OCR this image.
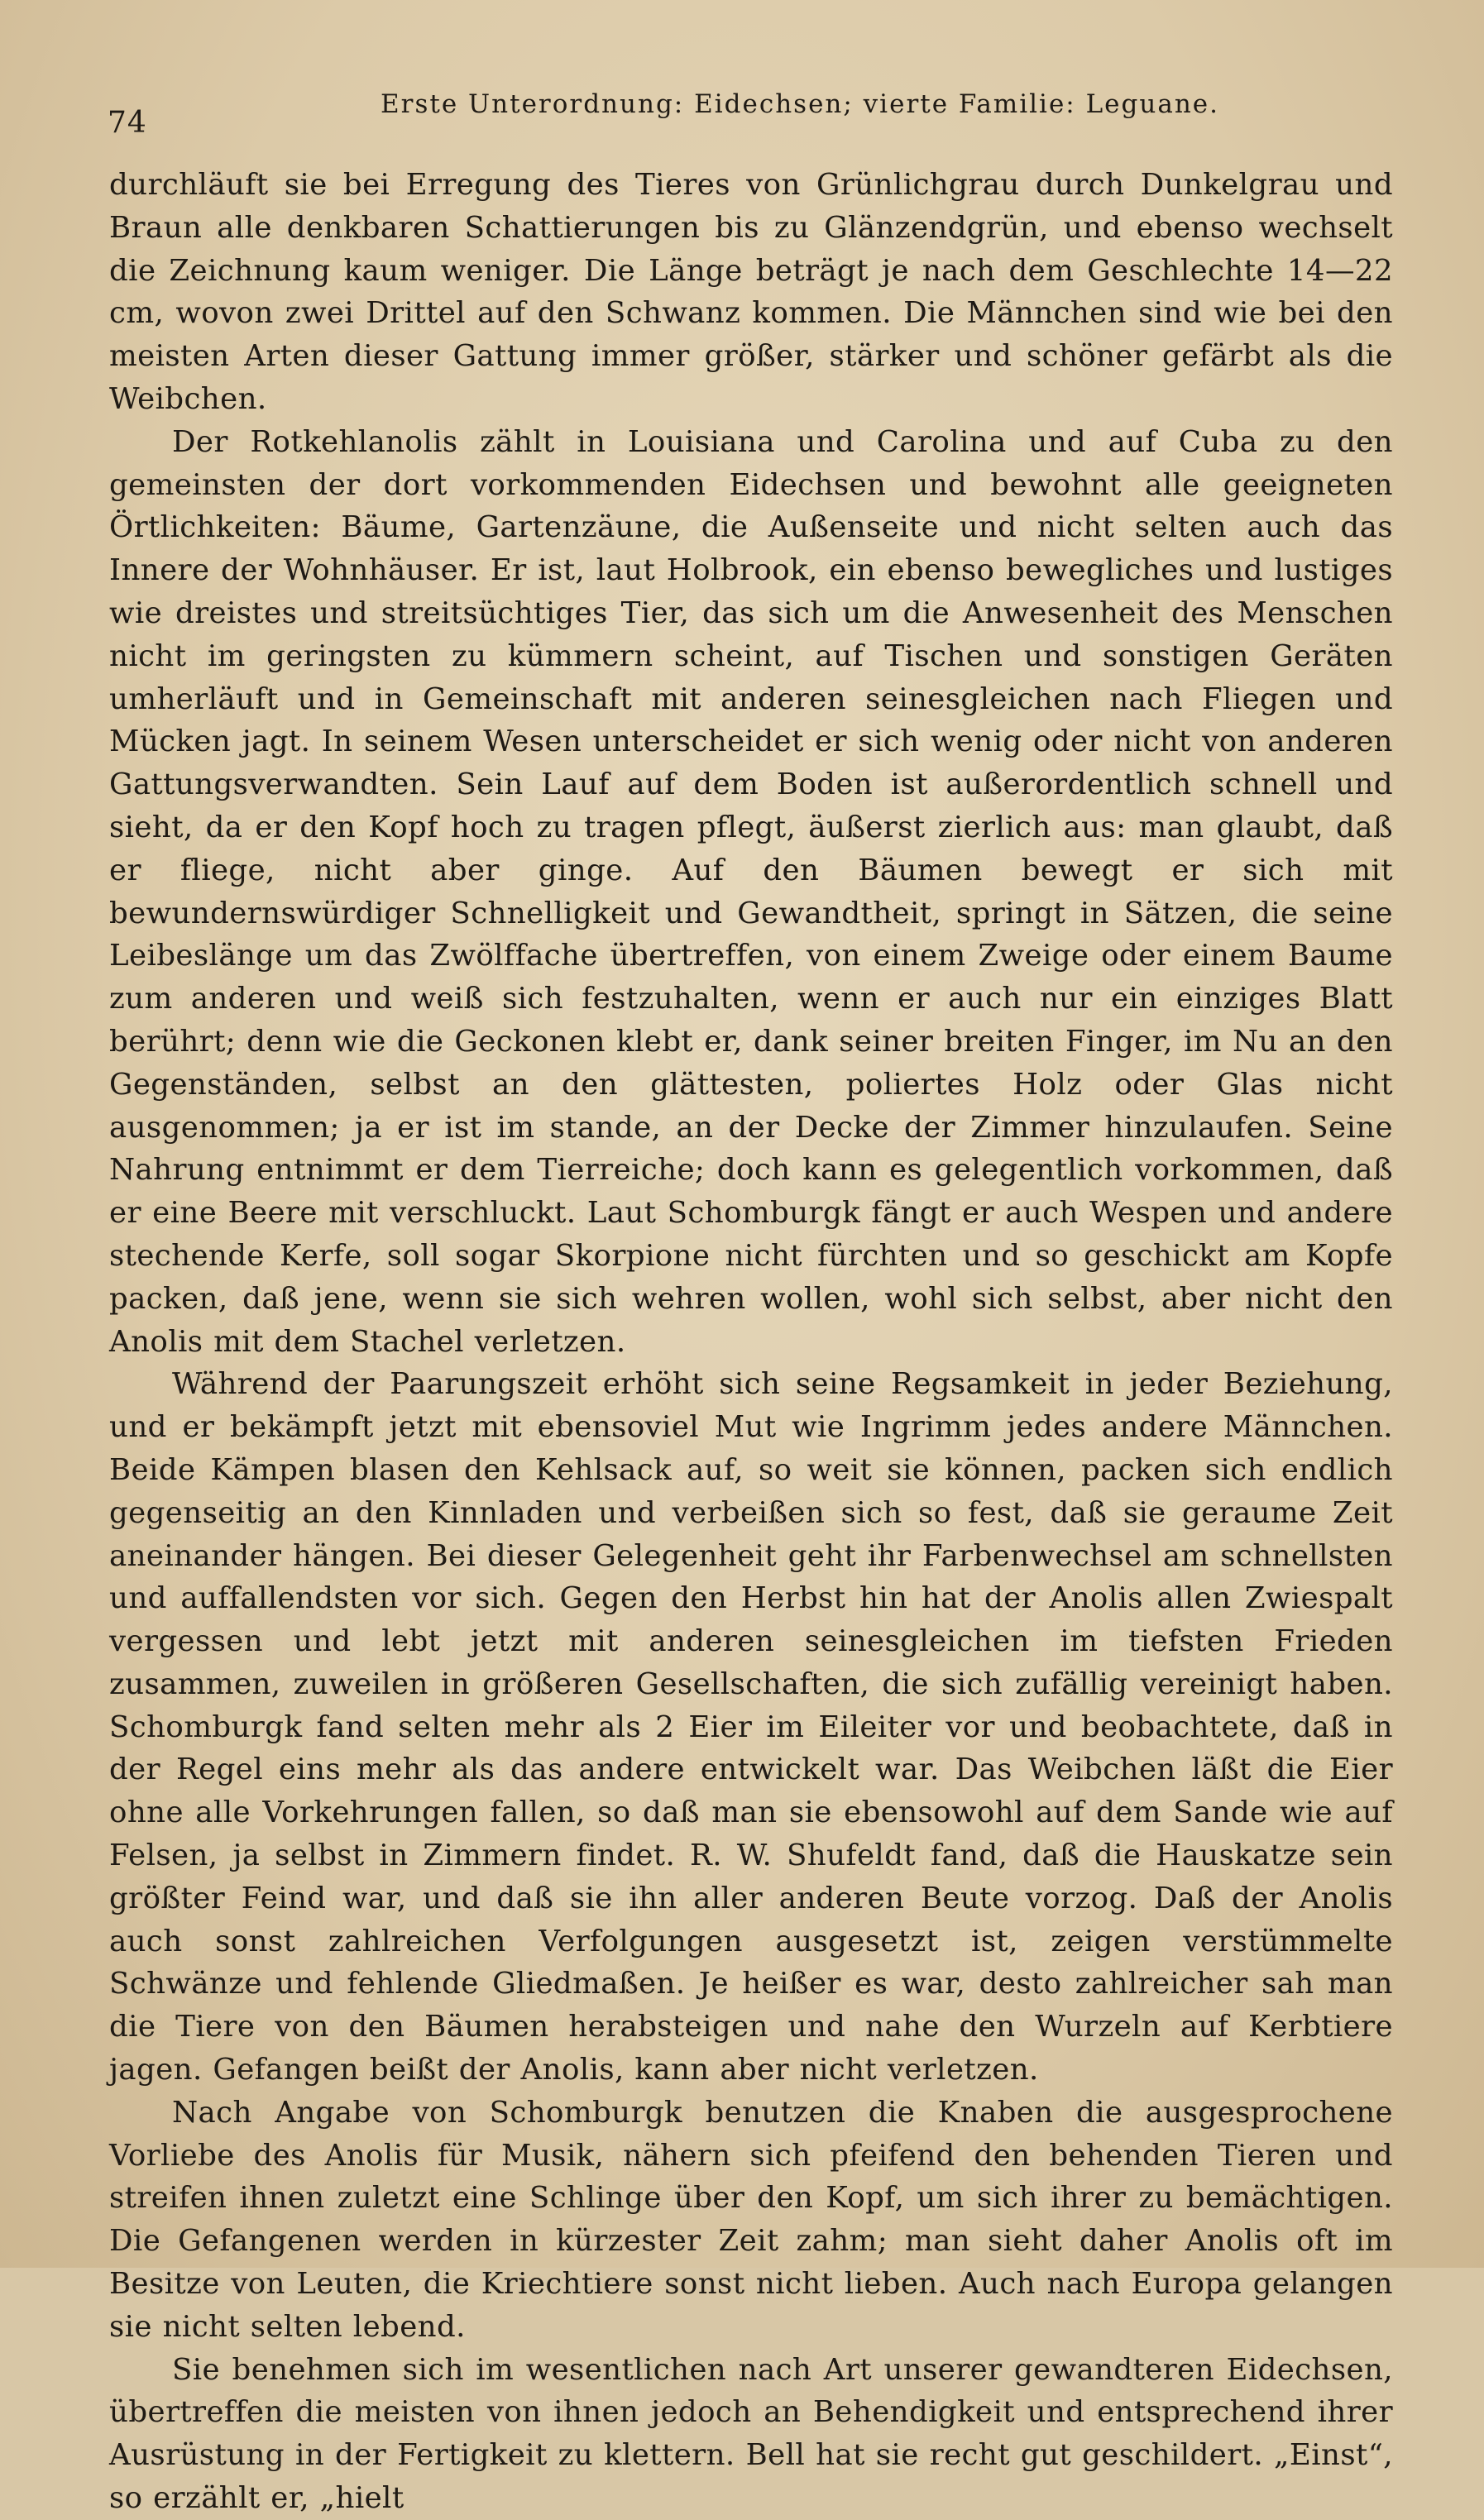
74
Erste Unterordnung: Eidechsen; vierte Familie: Leguane.

durchläuft sie bei Erregung des Tieres von Grünlichgrau durch Dunkelgrau und Braun alle denkbaren Schattierungen bis zu Glänzendgrün, und ebenso wechselt die Zeichnung kaum weniger. Die Länge beträgt je nach dem Geschlechte 14—22 cm, wovon zwei Drittel auf den Schwanz kommen. Die Männchen sind wie bei den meisten Arten dieser Gattung immer größer, stärker und schöner gefärbt als die Weibchen.

Der Rotkehlanolis zählt in Louisiana und Carolina und auf Cuba zu den gemeinsten der dort vorkommenden Eidechsen und bewohnt alle geeigneten Örtlichkeiten: Bäume, Gartenzäune, die Außenseite und nicht selten auch das Innere der Wohnhäuser. Er ist, laut Holbrook, ein ebenso bewegliches und lustiges wie dreistes und streitsüchtiges Tier, das sich um die Anwesenheit des Menschen nicht im geringsten zu kümmern scheint, auf Tischen und sonstigen Geräten umherläuft und in Gemeinschaft mit anderen seinesgleichen nach Fliegen und Mücken jagt. In seinem Wesen unterscheidet er sich wenig oder nicht von anderen Gattungsverwandten. Sein Lauf auf dem Boden ist außerordentlich schnell und sieht, da er den Kopf hoch zu tragen pflegt, äußerst zierlich aus: man glaubt, daß er fliege, nicht aber ginge. Auf den Bäumen bewegt er sich mit bewundernswürdiger Schnelligkeit und Gewandtheit, springt in Sätzen, die seine Leibeslänge um das Zwölffache übertreffen, von einem Zweige oder einem Baume zum anderen und weiß sich festzuhalten, wenn er auch nur ein einziges Blatt berührt; denn wie die Geckonen klebt er, dank seiner breiten Finger, im Nu an den Gegenständen, selbst an den glättesten, poliertes Holz oder Glas nicht ausgenommen; ja er ist im stande, an der Decke der Zimmer hinzulaufen. Seine Nahrung entnimmt er dem Tierreiche; doch kann es gelegentlich vorkommen, daß er eine Beere mit verschluckt. Laut Schomburgk fängt er auch Wespen und andere stechende Kerfe, soll sogar Skorpione nicht fürchten und so geschickt am Kopfe packen, daß jene, wenn sie sich wehren wollen, wohl sich selbst, aber nicht den Anolis mit dem Stachel verletzen.

Während der Paarungszeit erhöht sich seine Regsamkeit in jeder Beziehung, und er bekämpft jetzt mit ebensoviel Mut wie Ingrimm jedes andere Männchen. Beide Kämpen blasen den Kehlsack auf, so weit sie können, packen sich endlich gegenseitig an den Kinnladen und verbeißen sich so fest, daß sie geraume Zeit aneinander hängen. Bei dieser Gelegenheit geht ihr Farbenwechsel am schnellsten und auffallendsten vor sich. Gegen den Herbst hin hat der Anolis allen Zwiespalt vergessen und lebt jetzt mit anderen seinesgleichen im tiefsten Frieden zusammen, zuweilen in größeren Gesellschaften, die sich zufällig vereinigt haben. Schomburgk fand selten mehr als 2 Eier im Eileiter vor und beobachtete, daß in der Regel eins mehr als das andere entwickelt war. Das Weibchen läßt die Eier ohne alle Vorkehrungen fallen, so daß man sie ebensowohl auf dem Sande wie auf Felsen, ja selbst in Zimmern findet. R. W. Shufeldt fand, daß die Hauskatze sein größter Feind war, und daß sie ihn aller anderen Beute vorzog. Daß der Anolis auch sonst zahlreichen Verfolgungen ausgesetzt ist, zeigen verstümmelte Schwänze und fehlende Gliedmaßen. Je heißer es war, desto zahlreicher sah man die Tiere von den Bäumen herabsteigen und nahe den Wurzeln auf Kerbtiere jagen. Gefangen beißt der Anolis, kann aber nicht verletzen.

Nach Angabe von Schomburgk benutzen die Knaben die ausgesprochene Vorliebe des Anolis für Musik, nähern sich pfeifend den behenden Tieren und streifen ihnen zuletzt eine Schlinge über den Kopf, um sich ihrer zu bemächtigen. Die Gefangenen werden in kürzester Zeit zahm; man sieht daher Anolis oft im Besitze von Leuten, die Kriechtiere sonst nicht lieben. Auch nach Europa gelangen sie nicht selten lebend.

Sie benehmen sich im wesentlichen nach Art unserer gewandteren Eidechsen, übertreffen die meisten von ihnen jedoch an Behendigkeit und entsprechend ihrer Ausrüstung in der Fertigkeit zu klettern. Bell hat sie recht gut geschildert. „Einst“, so erzählt er, „hielt
